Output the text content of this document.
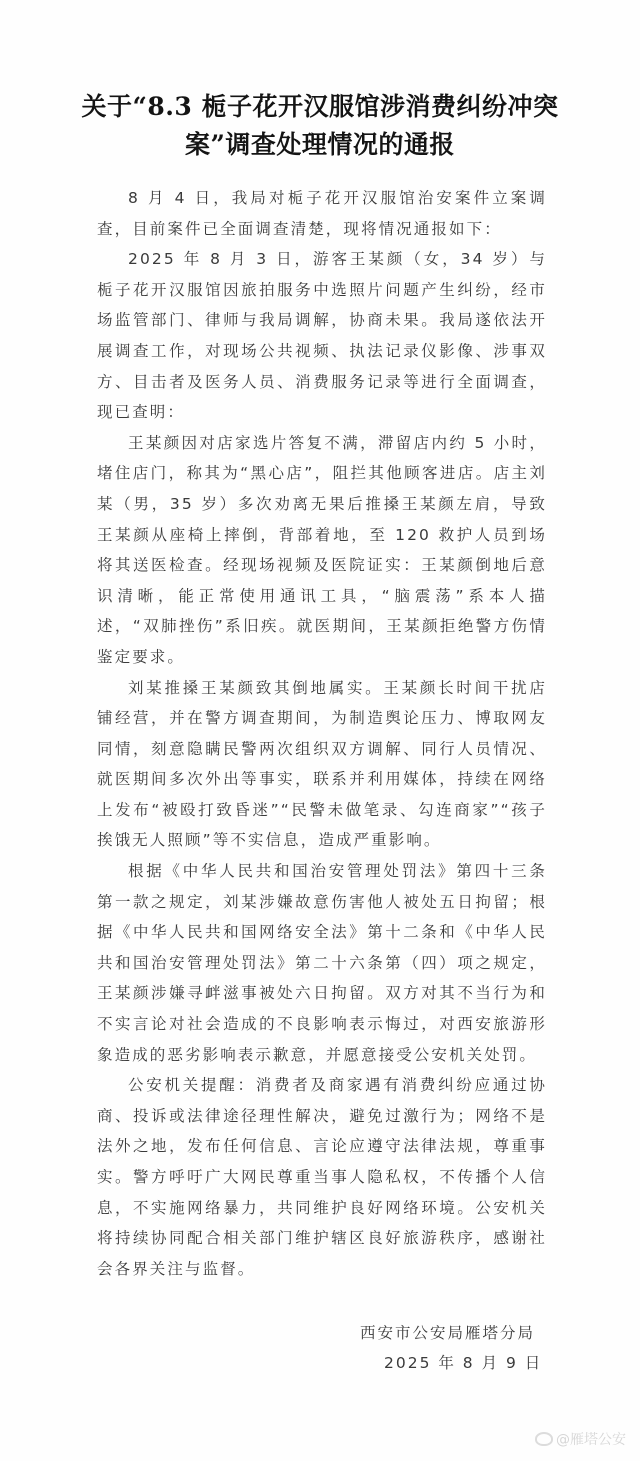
关于“8.3 栀子花开汉服馆涉消费纠纷冲突
案”调查处理情况的通报

8 月 4 日，我局对栀子花开汉服馆治安案件立案调查，目前案件已全面调查清楚，现将情况通报如下：

2025 年 8 月 3 日，游客王某颜（女，34 岁）与栀子花开汉服馆因旅拍服务中选照片问题产生纠纷，经市场监管部门、律师与我局调解，协商未果。我局遂依法开展调查工作，对现场公共视频、执法记录仪影像、涉事双方、目击者及医务人员、消费服务记录等进行全面调查，现已查明：

王某颜因对店家选片答复不满，滞留店内约 5 小时，堵住店门，称其为“黑心店”，阻拦其他顾客进店。店主刘某（男，35 岁）多次劝离无果后推搡王某颜左肩，导致王某颜从座椅上摔倒，背部着地，至 120 救护人员到场将其送医检查。经现场视频及医院证实：王某颜倒地后意识清晰，能正常使用通讯工具，“脑震荡”系本人描述，“双肺挫伤”系旧疾。就医期间，王某颜拒绝警方伤情鉴定要求。

刘某推搡王某颜致其倒地属实。王某颜长时间干扰店铺经营，并在警方调查期间，为制造舆论压力、博取网友同情，刻意隐瞒民警两次组织双方调解、同行人员情况、就医期间多次外出等事实，联系并利用媒体，持续在网络上发布“被殴打致昏迷”“民警未做笔录、勾连商家”“孩子挨饿无人照顾”等不实信息，造成严重影响。

根据《中华人民共和国治安管理处罚法》第四十三条第一款之规定，刘某涉嫌故意伤害他人被处五日拘留；根据《中华人民共和国网络安全法》第十二条和《中华人民共和国治安管理处罚法》第二十六条第（四）项之规定，王某颜涉嫌寻衅滋事被处六日拘留。双方对其不当行为和不实言论对社会造成的不良影响表示悔过，对西安旅游形象造成的恶劣影响表示歉意，并愿意接受公安机关处罚。

公安机关提醒：消费者及商家遇有消费纠纷应通过协商、投诉或法律途径理性解决，避免过激行为；网络不是法外之地，发布任何信息、言论应遵守法律法规，尊重事实。警方呼吁广大网民尊重当事人隐私权，不传播个人信息，不实施网络暴力，共同维护良好网络环境。公安机关将持续协同配合相关部门维护辖区良好旅游秩序，感谢社会各界关注与监督。

西安市公安局雁塔分局
2025 年 8 月 9 日
@雁塔公安
